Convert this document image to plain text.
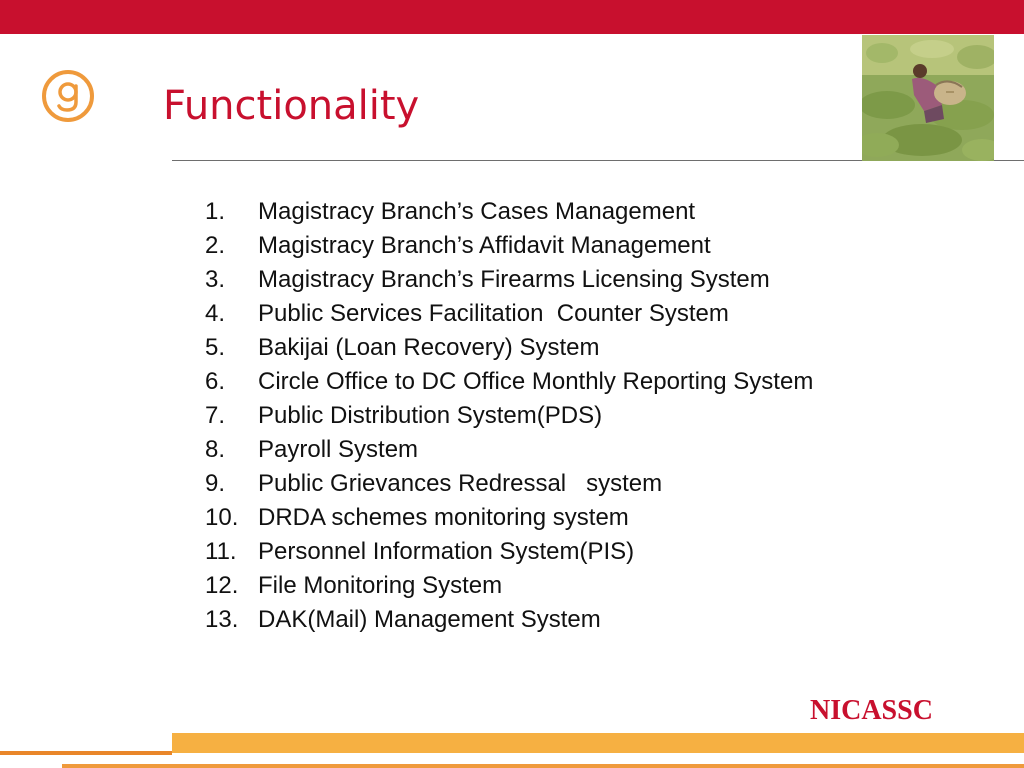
Functionality
1.	Magistracy Branch’s Cases Management
2.	Magistracy Branch’s Affidavit Management
3.	Magistracy Branch’s Firearms Licensing System
4.	Public Services Facilitation  Counter System
5.	Bakijai (Loan Recovery) System
6.	Circle Office to DC Office Monthly Reporting System
7.	Public Distribution System(PDS)
8.	Payroll System
9.	Public Grievances Redressal   system
10. DRDA schemes monitoring system
11. Personnel Information System(PIS)
12. File Monitoring System
13. DAK(Mail) Management System
NICASSC
